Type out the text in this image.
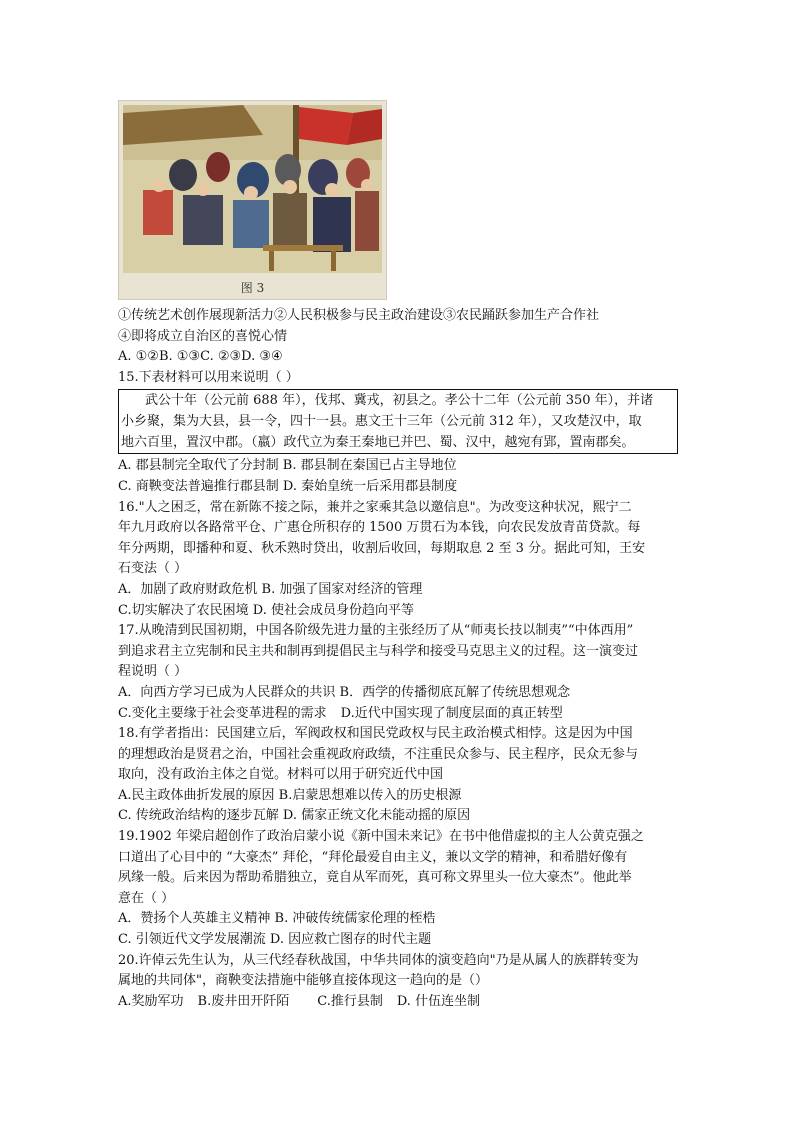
图 3
①传统艺术创作展现新活力②人民积极参与民主政治建设③农民踊跃参加生产合作社
④即将成立自治区的喜悦心情
A. ①②B. ①③C. ②③D. ③④
15.下表材料可以用来说明（ ）
武公十年（公元前 688 年），伐邦、冀戎，初县之。孝公十二年（公元前 350 年），并诸
小乡聚，集为大县，县一令，四十一县。惠文王十三年（公元前 312 年），又攻楚汉中，取
地六百里，置汉中郡。（嬴）政代立为秦王秦地已并巴、蜀、汉中，越宛有郢，置南郡矣。
A. 郡县制完全取代了分封制 B. 郡县制在秦国已占主导地位
C. 商鞅变法普遍推行郡县制 D. 秦始皇统一后采用郡县制度
16."人之困乏，常在新陈不接之际，兼并之家乘其急以邀信息"。为改变这种状况，熙宁二
年九月政府以各路常平仓、广惠仓所积存的 1500 万贯石为本钱，向农民发放青苗贷款。每
年分两期，即播种和夏、秋禾熟时贷出，收割后收回，每期取息 2 至 3 分。据此可知，王安
石变法（ ）
A．加剧了政府财政危机 B. 加强了国家对经济的管理
C.切实解决了农民困境 D. 使社会成员身份趋向平等
17.从晚清到民国初期，中国各阶级先进力量的主张经历了从“师夷长技以制夷”“中体西用”
到追求君主立宪制和民主共和制再到提倡民主与科学和接受马克思主义的过程。这一演变过
程说明（ ）
A．向西方学习已成为人民群众的共识 B．西学的传播彻底瓦解了传统思想观念
C.变化主要缘于社会变革进程的需求 D.近代中国实现了制度层面的真正转型
18.有学者指出：民国建立后，军阀政权和国民党政权与民主政治模式相悖。这是因为中国
的理想政治是贤君之治，中国社会重视政府政绩，不注重民众参与、民主程序，民众无参与
取向，没有政治主体之自觉。材料可以用于研究近代中国
A.民主政体曲折发展的原因 B.启蒙思想难以传入的历史根源
C. 传统政治结构的逐步瓦解 D. 儒家正统文化未能动摇的原因
19.1902 年梁启超创作了政治启蒙小说《新中国未来记》在书中他借虚拟的主人公黄克强之
口道出了心目中的 “大豪杰” 拜伦，“拜伦最爱自由主义，兼以文学的精神，和希腊好像有
夙缘一般。后来因为帮助希腊独立，竟自从军而死，真可称文界里头一位大豪杰”。他此举
意在（ ）
A．赞扬个人英雄主义精神 B. 冲破传统儒家伦理的桎梏
C. 引领近代文学发展潮流 D. 因应救亡图存的时代主题
20.许倬云先生认为，从三代经春秋战国，中华共同体的演变趋向"乃是从属人的族群转变为
属地的共同体"，商鞅变法措施中能够直接体现这一趋向的是（）
A.奖励军功 B.废井田开阡陌 C.推行县制 D. 什伍连坐制
